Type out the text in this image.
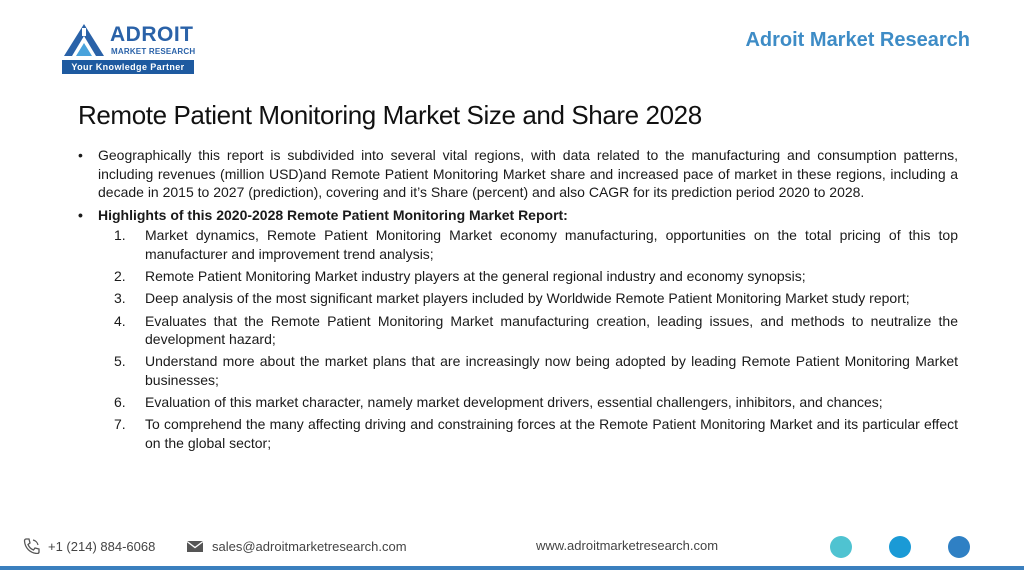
ADROIT
MARKET RESEARCH
Your Knowledge Partner
Adroit Market Research
Remote Patient Monitoring Market Size and Share 2028

• Geographically this report is subdivided into several vital regions, with data related to the manufacturing and consumption patterns, including revenues (million USD)and Remote Patient Monitoring Market share and increased pace of market in these regions, including a decade in 2015 to 2027 (prediction), covering and it’s Share (percent) and also CAGR for its prediction period 2020 to 2028.

• Highlights of this 2020-2028 Remote Patient Monitoring Market Report:

1. Market dynamics, Remote Patient Monitoring Market economy manufacturing, opportunities on the total pricing of this top manufacturer and improvement trend analysis;
2. Remote Patient Monitoring Market industry players at the general regional industry and economy synopsis;
3. Deep analysis of the most significant market players included by Worldwide Remote Patient Monitoring Market study report;
4. Evaluates that the Remote Patient Monitoring Market manufacturing creation, leading issues, and methods to neutralize the development hazard;
5. Understand more about the market plans that are increasingly now being adopted by leading Remote Patient Monitoring Market businesses;
6. Evaluation of this market character, namely market development drivers, essential challengers, inhibitors, and chances;
7. To comprehend the many affecting driving and constraining forces at the Remote Patient Monitoring Market and its particular effect on the global sector;
+1 (214) 884-6068	sales@adroitmarketresearch.com	www.adroitmarketresearch.com
